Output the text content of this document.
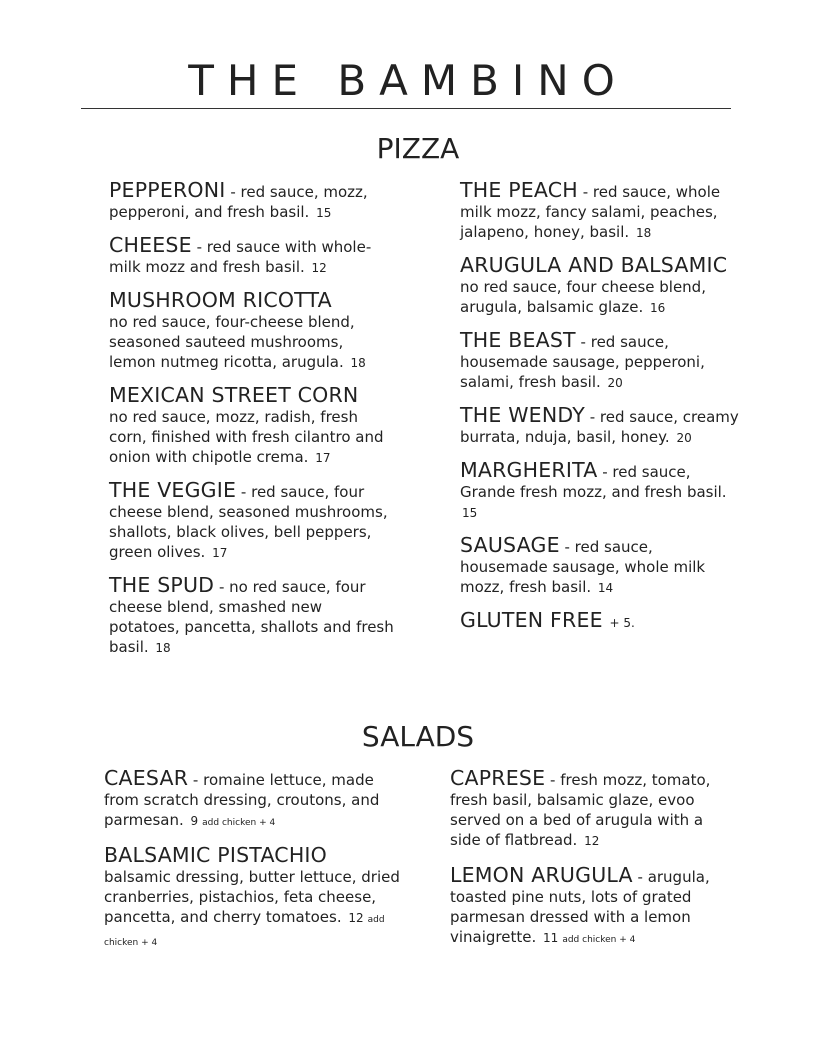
THE BAMBINO
PIZZA

PEPPERONI - red sauce, mozz, pepperoni, and fresh basil. 15

CHEESE - red sauce with whole-milk mozz and fresh basil. 12

MUSHROOM RICOTTA
no red sauce, four-cheese blend, seasoned sauteed mushrooms, lemon nutmeg ricotta, arugula. 18

MEXICAN STREET CORN
no red sauce, mozz, radish, fresh corn, finished with fresh cilantro and onion with chipotle crema. 17

THE VEGGIE - red sauce, four cheese blend, seasoned mushrooms, shallots, black olives, bell peppers, green olives. 17

THE SPUD - no red sauce, four cheese blend, smashed new potatoes, pancetta, shallots and fresh basil. 18

THE PEACH - red sauce, whole milk mozz, fancy salami, peaches, jalapeno, honey, basil. 18

ARUGULA AND BALSAMIC
no red sauce, four cheese blend, arugula, balsamic glaze. 16

THE BEAST - red sauce, housemade sausage, pepperoni, salami, fresh basil. 20

THE WENDY - red sauce, creamy burrata, nduja, basil, honey. 20

MARGHERITA - red sauce, Grande fresh mozz, and fresh basil. 15

SAUSAGE - red sauce, housemade sausage, whole milk mozz, fresh basil. 14

GLUTEN FREE + 5.

SALADS

CAESAR - romaine lettuce, made from scratch dressing, croutons, and parmesan. 9 add chicken + 4

BALSAMIC PISTACHIO
balsamic dressing, butter lettuce, dried cranberries, pistachios, feta cheese, pancetta, and cherry tomatoes. 12 add chicken + 4

CAPRESE - fresh mozz, tomato, fresh basil, balsamic glaze, evoo served on a bed of arugula with a side of flatbread. 12

LEMON ARUGULA - arugula, toasted pine nuts, lots of grated parmesan dressed with a lemon vinaigrette. 11 add chicken + 4
